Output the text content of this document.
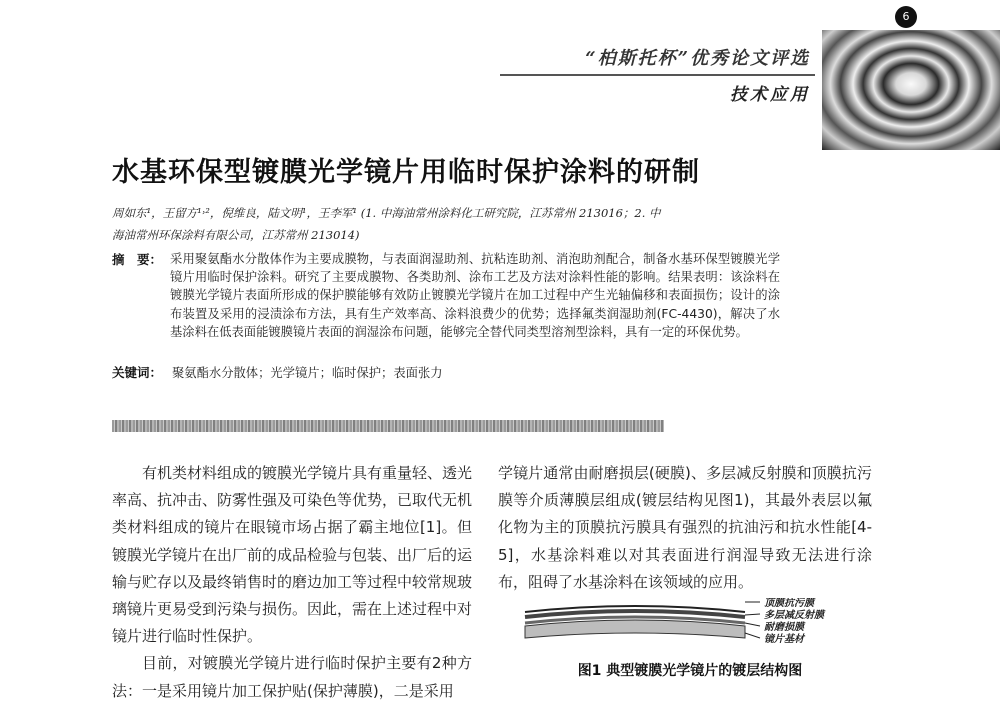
6
“柏斯托杯”优秀论文评选
技术应用
水基环保型镀膜光学镜片用临时保护涂料的研制
周如东¹，王留方¹˒²，倪维良，陆文明¹，王李军¹ (1. 中海油常州涂料化工研究院，江苏常州 213016；2. 中
海油常州环保涂料有限公司，江苏常州 213014)
摘　要： 采用聚氨酯水分散体作为主要成膜物，与表面润湿助剂、抗粘连助剂、消泡助剂配合，制备水基环保型镀膜光学镜片用临时保护涂料。研究了主要成膜物、各类助剂、涂布工艺及方法对涂料性能的影响。结果表明：该涂料在镀膜光学镜片表面所形成的保护膜能够有效防止镀膜光学镜片在加工过程中产生光轴偏移和表面损伤；设计的涂布装置及采用的浸渍涂布方法，具有生产效率高、涂料浪费少的优势；选择氟类润湿助剂(FC-4430)，解决了水基涂料在低表面能镀膜镜片表面的润湿涂布问题，能够完全替代同类型溶剂型涂料，具有一定的环保优势。
关键词： 聚氨酯水分散体；光学镜片；临时保护；表面张力

有机类材料组成的镀膜光学镜片具有重量轻、透光率高、抗冲击、防雾性强及可染色等优势，已取代无机类材料组成的镜片在眼镜市场占据了霸主地位[1]。但镀膜光学镜片在出厂前的成品检验与包装、出厂后的运输与贮存以及最终销售时的磨边加工等过程中较常规玻璃镜片更易受到污染与损伤。因此，需在上述过程中对镜片进行临时性保护。

目前，对镀膜光学镜片进行临时保护主要有2种方法：一是采用镜片加工保护贴(保护薄膜)，二是采用

学镜片通常由耐磨损层(硬膜)、多层减反射膜和顶膜抗污膜等介质薄膜层组成(镀层结构见图1)，其最外表层以氟化物为主的顶膜抗污膜具有强烈的抗油污和抗水性能[4-5]，水基涂料难以对其表面进行润湿导致无法进行涂布，阻碍了水基涂料在该领域的应用。

顶膜抗污膜
多层减反射膜
耐磨损膜
镜片基材
图1 典型镀膜光学镜片的镀层结构图
